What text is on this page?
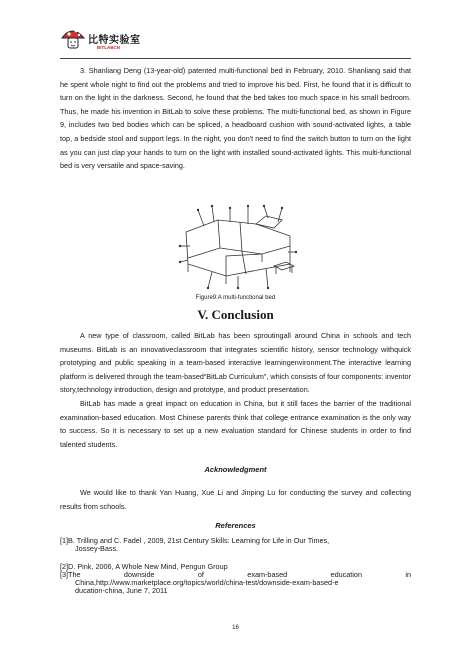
比特实验室
BITLABCN

3. Shanliang Deng (13-year-old) patented multi-functional bed in February, 2010. Shanliang said that he spent whole night to find out the problems and tried to improve his bed. First, he found that it is difficult to turn on the light in the darkness. Second, he found that the bed takes too much space in his small bedroom. Thus, he made his invention in BitLab to solve these problems. The multi-functional bed, as shown in Figure 9, includes two bed bodies which can be spliced, a headboard cushion with sound-activated lights, a table top, a bedside stool and support legs. In the night, you don't need to find the switch button to turn on the light as you can just clap your hands to turn on the light with installed sound-activated lights. This multi-functional bed is very versatile and space-saving.

Figure9:A multi-functional bed
V. Conclusion

A new type of classroom, called BitLab has been sproutingall around China in schools and tech museums. BitLab is an innovativeclassroom that integrates scientific history, sensor technology withquick prototyping and public speaking in a team-based interactive learningenvironment.The interactive learning platform is delivered through the team-based“BitLab Curriculum”, which consists of four components: inventor story,technology introduction, design and prototype, and product presentation.

BitLab has made a great impact on education in China, but it still faces the barrier of the traditional examination-based education. Most Chinese parents think that college entrance examination is the only way to success. So it is necessary to set up a new evaluation standard for Chinese students in order to find talented students.

Acknowledgment

We would like to thank Yan Huang, Xue Li and Jinping Lu for conducting the survey and collecting results from schools.

References
[1]B. Trilling and C. Fadel , 2009, 21st Century Skills: Learning for Life in Our Times,
Jossey-Bass.
[2]D. Pink, 2006, A Whole New Mind, Pengun Group
[3]The	downside	of	exam-based	education	in
China,http://www.marketplace.org/topics/world/china-test/downside-exam-based-e
ducation-china, June 7, 2011
16
